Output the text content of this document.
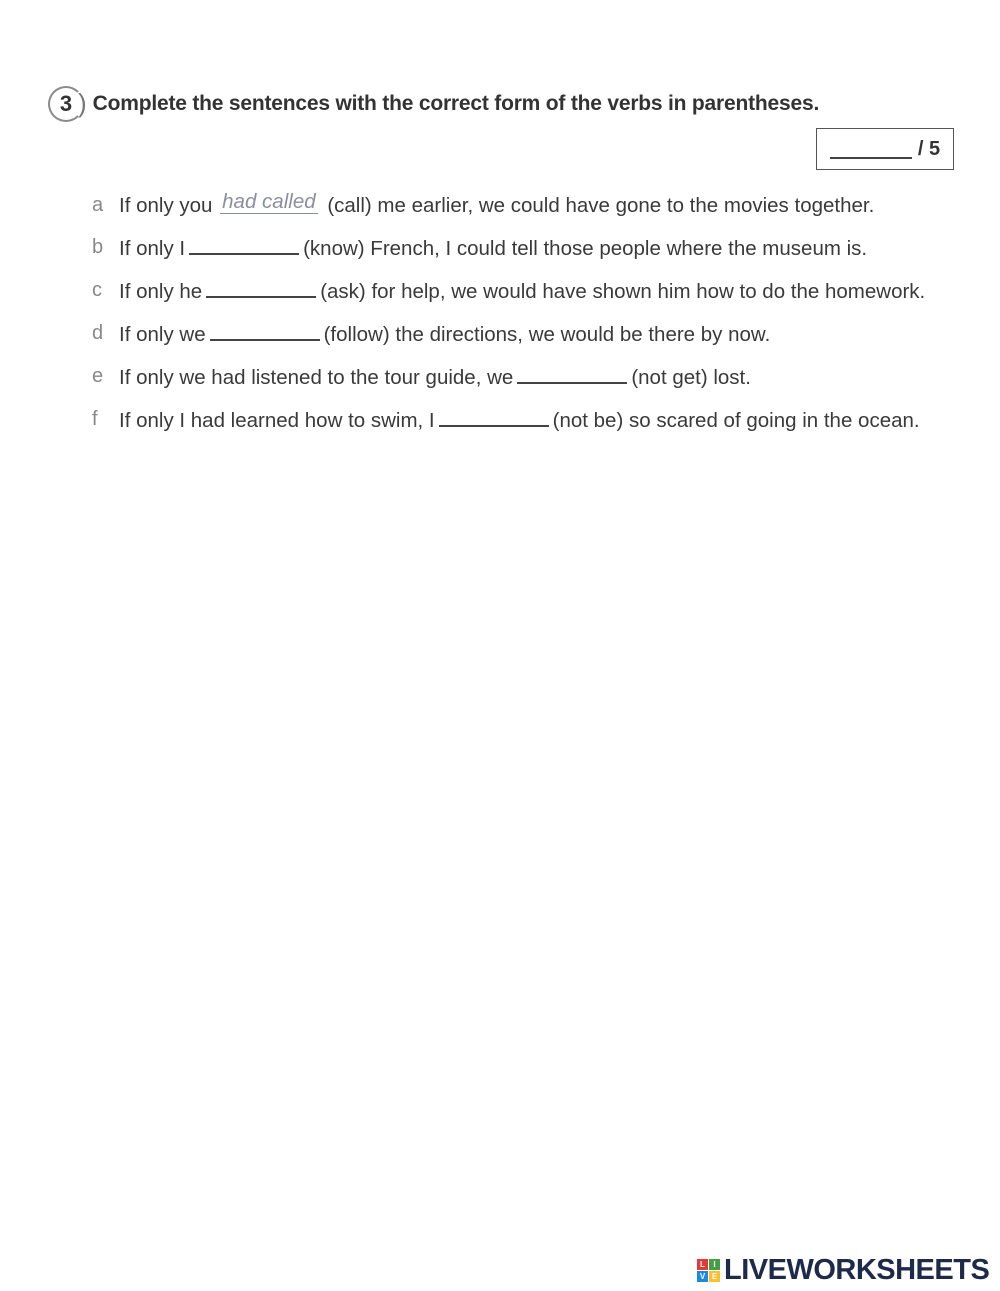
3 ) Complete the sentences with the correct form of the verbs in parentheses.
/ 5
a If only you had called (call) me earlier, we could have gone to the movies together.
b If only I	(know) French, I could tell those people where the museum is.
c If only he	(ask) for help, we would have shown him how to do the homework.
d If only we	(follow) the directions, we would be there by now.
e If only we had listened to the tour guide, we	(not get) lost.
f	If only I had learned how to swim, I	(not be) so scared of going in the ocean.
L	I
V E LIVEWORKSHEETS
